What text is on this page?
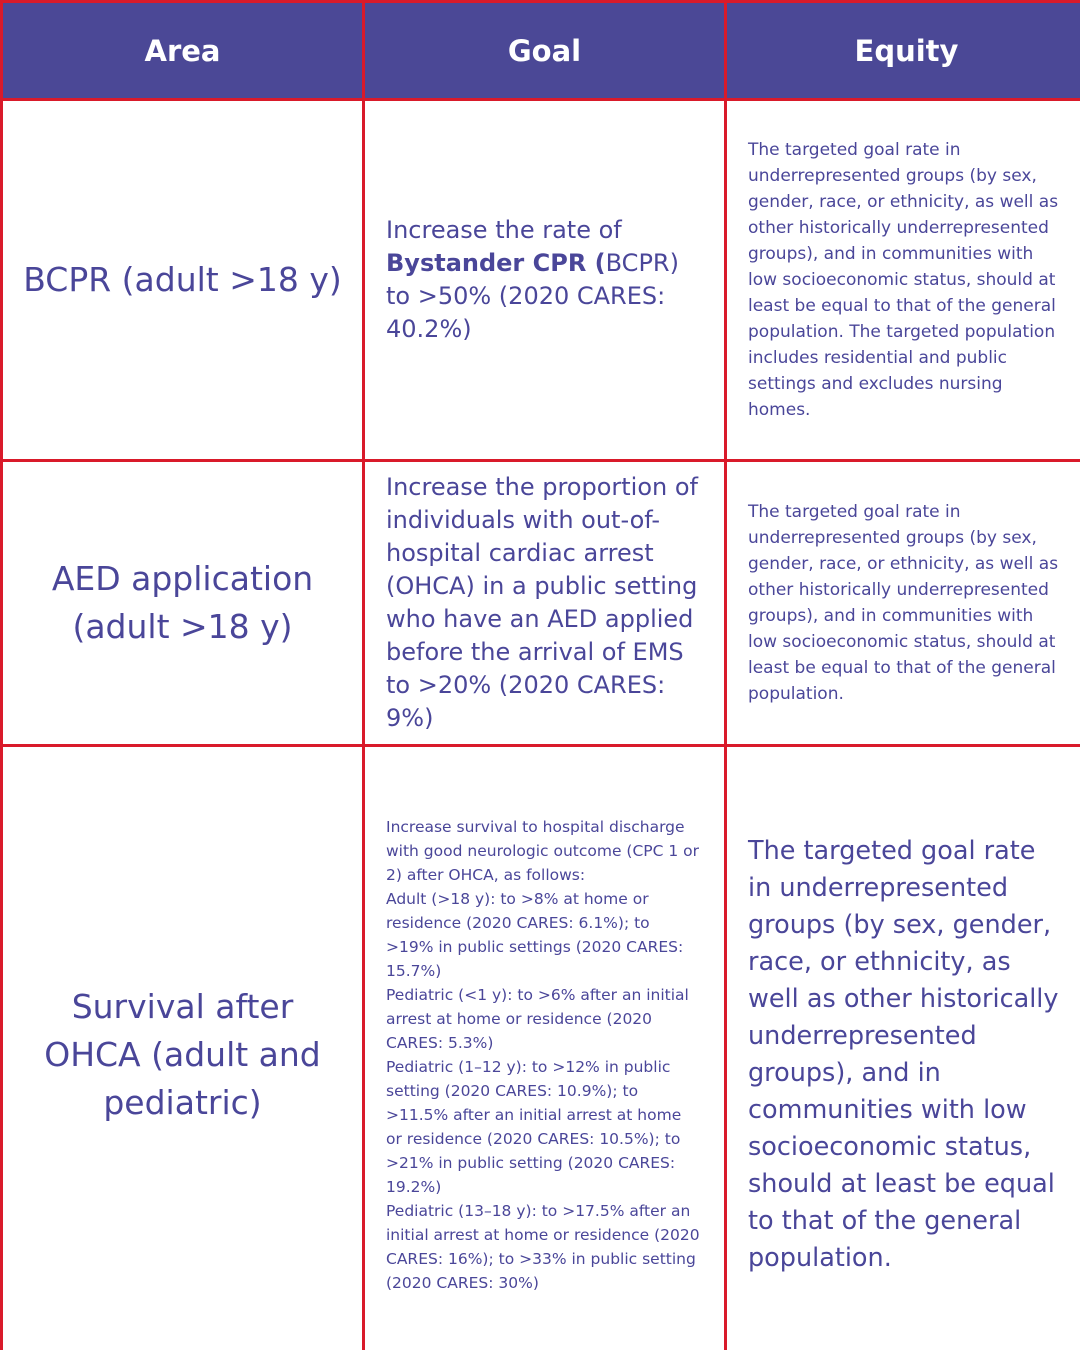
Area	Goal	Equity
BCPR (adult >18 y)
Increase the rate of Bystander CPR (BCPR) to >50% (2020 CARES: 40.2%)
The targeted goal rate in underrepresented groups (by sex, gender, race, or ethnicity, as well as other historically underrepresented groups), and in communities with low socioeconomic status, should at least be equal to that of the general population. The targeted population includes residential and public settings and excludes nursing homes.
AED application (adult >18 y)
Increase the proportion of individuals with out-of-hospital cardiac arrest (OHCA) in a public setting who have an AED applied before the arrival of EMS to >20% (2020 CARES: 9%)
The targeted goal rate in underrepresented groups (by sex, gender, race, or ethnicity, as well as other historically underrepresented groups), and in communities with low socioeconomic status, should at least be equal to that of the general population.
Survival after OHCA (adult and pediatric)

Increase survival to hospital discharge with good neurologic outcome (CPC 1 or 2) after OHCA, as follows:

Adult (>18 y): to >8% at home or residence (2020 CARES: 6.1%); to >19% in public settings (2020 CARES: 15.7%)

Pediatric (<1 y): to >6% after an initial arrest at home or residence (2020 CARES: 5.3%)

Pediatric (1–12 y): to >12% in public setting (2020 CARES: 10.9%); to >11.5% after an initial arrest at home or residence (2020 CARES: 10.5%); to >21% in public setting (2020 CARES: 19.2%)

Pediatric (13–18 y): to >17.5% after an initial arrest at home or residence (2020 CARES: 16%); to >33% in public setting (2020 CARES: 30%)

The targeted goal rate in underrepresented groups (by sex, gender, race, or ethnicity, as well as other historically underrepresented groups), and in communities with low socioeconomic status, should at least be equal to that of the general population.
